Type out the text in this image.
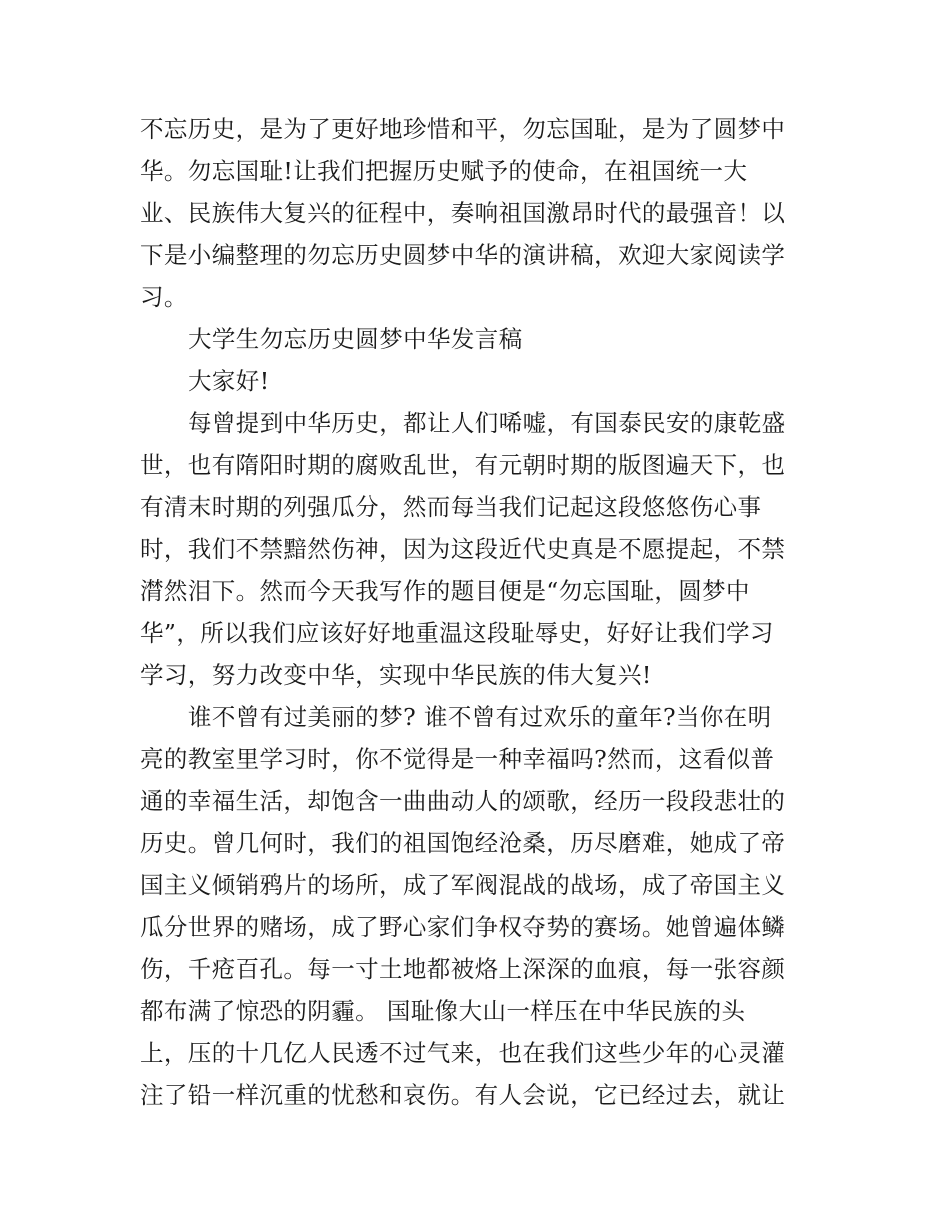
不忘历史，是为了更好地珍惜和平，勿忘国耻，是为了圆梦中
华。勿忘国耻!让我们把握历史赋予的使命，在祖国统一大
业、民族伟大复兴的征程中，奏响祖国激昂时代的最强音！以
下是小编整理的勿忘历史圆梦中华的演讲稿，欢迎大家阅读学
习。
大学生勿忘历史圆梦中华发言稿
大家好!
每曾提到中华历史，都让人们唏嘘，有国泰民安的康乾盛
世，也有隋阳时期的腐败乱世，有元朝时期的版图遍天下，也
有清末时期的列强瓜分，然而每当我们记起这段悠悠伤心事
时，我们不禁黯然伤神，因为这段近代史真是不愿提起，不禁
潸然泪下。然而今天我写作的题目便是“勿忘国耻，圆梦中
华”，所以我们应该好好地重温这段耻辱史，好好让我们学习
学习，努力改变中华，实现中华民族的伟大复兴!
谁不曾有过美丽的梦? 谁不曾有过欢乐的童年?当你在明
亮的教室里学习时，你不觉得是一种幸福吗?然而，这看似普
通的幸福生活，却饱含一曲曲动人的颂歌，经历一段段悲壮的
历史。曾几何时，我们的祖国饱经沧桑，历尽磨难，她成了帝
国主义倾销鸦片的场所，成了军阀混战的战场，成了帝国主义
瓜分世界的赌场，成了野心家们争权夺势的赛场。她曾遍体鳞
伤，千疮百孔。每一寸土地都被烙上深深的血痕，每一张容颜
都布满了惊恐的阴霾。 国耻像大山一样压在中华民族的头
上，压的十几亿人民透不过气来，也在我们这些少年的心灵灌
注了铅一样沉重的忧愁和哀伤。有人会说，它已经过去，就让
